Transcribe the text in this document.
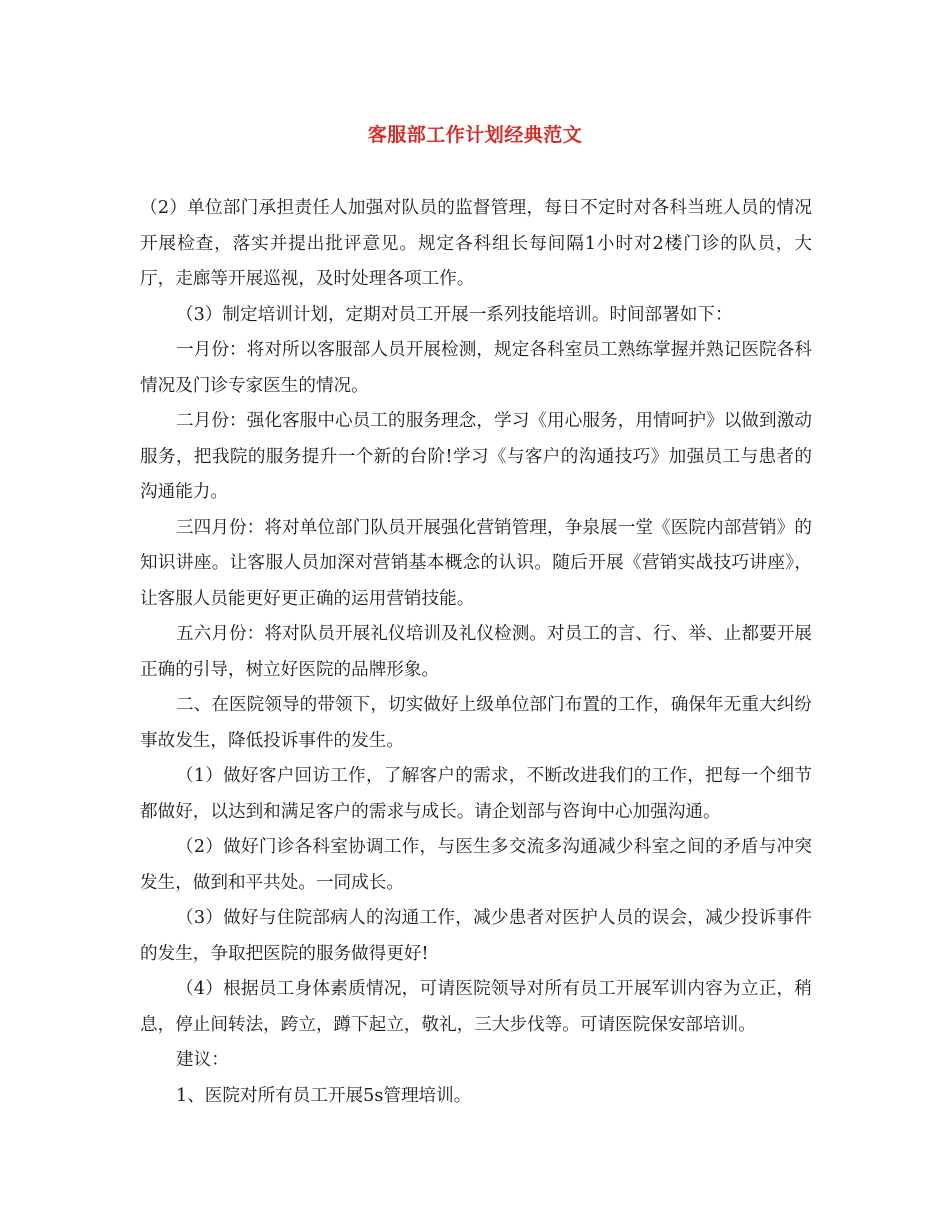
客服部工作计划经典范文

（2）单位部门承担责任人加强对队员的监督管理，每日不定时对各科当班人员的情况开展检查，落实并提出批评意见。规定各科组长每间隔1小时对2楼门诊的队员，大厅，走廊等开展巡视，及时处理各项工作。

（3）制定培训计划，定期对员工开展一系列技能培训。时间部署如下：

一月份：将对所以客服部人员开展检测，规定各科室员工熟练掌握并熟记医院各科情况及门诊专家医生的情况。

二月份：强化客服中心员工的服务理念，学习《用心服务，用情呵护》以做到激动服务，把我院的服务提升一个新的台阶!学习《与客户的沟通技巧》加强员工与患者的沟通能力。

三四月份：将对单位部门队员开展强化营销管理，争泉展一堂《医院内部营销》的知识讲座。让客服人员加深对营销基本概念的认识。随后开展《营销实战技巧讲座》，让客服人员能更好更正确的运用营销技能。

五六月份：将对队员开展礼仪培训及礼仪检测。对员工的言、行、举、止都要开展正确的引导，树立好医院的品牌形象。

二、在医院领导的带领下，切实做好上级单位部门布置的工作，确保年无重大纠纷事故发生，降低投诉事件的发生。

（1）做好客户回访工作，了解客户的需求，不断改进我们的工作，把每一个细节都做好，以达到和满足客户的需求与成长。请企划部与咨询中心加强沟通。

（2）做好门诊各科室协调工作，与医生多交流多沟通减少科室之间的矛盾与冲突发生，做到和平共处。一同成长。

（3）做好与住院部病人的沟通工作，减少患者对医护人员的误会，减少投诉事件的发生，争取把医院的服务做得更好!

（4）根据员工身体素质情况，可请医院领导对所有员工开展军训内容为立正，稍息，停止间转法，跨立，蹲下起立，敬礼，三大步伐等。可请医院保安部培训。

建议：

1、医院对所有员工开展5s管理培训。
